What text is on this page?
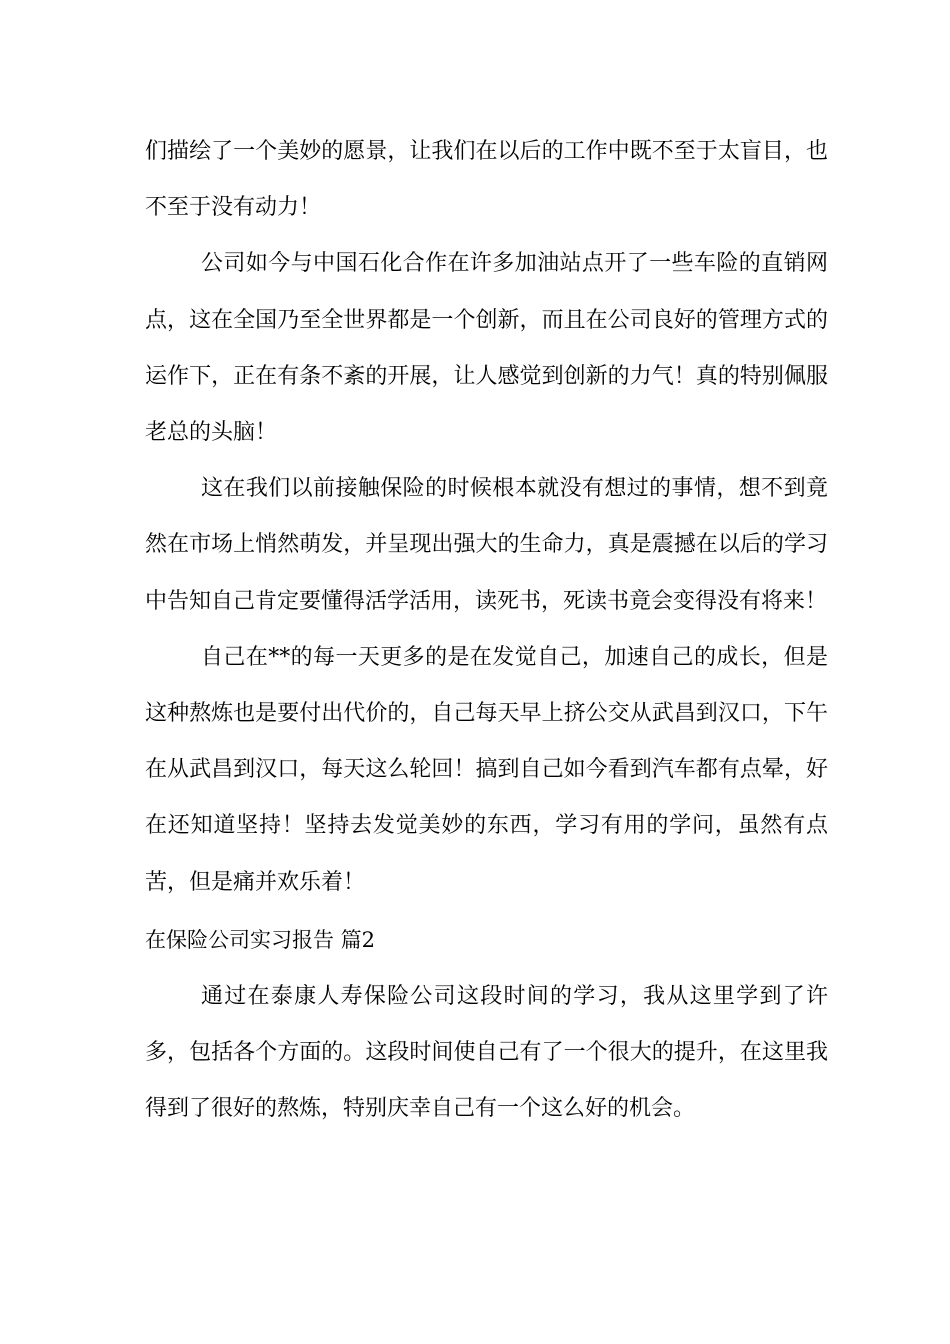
们描绘了一个美妙的愿景，让我们在以后的工作中既不至于太盲目，也不至于没有动力！

公司如今与中国石化合作在许多加油站点开了一些车险的直销网点，这在全国乃至全世界都是一个创新，而且在公司良好的管理方式的运作下，正在有条不紊的开展，让人感觉到创新的力气！真的特别佩服老总的头脑！

这在我们以前接触保险的时候根本就没有想过的事情，想不到竟然在市场上悄然萌发，并呈现出强大的生命力，真是震撼在以后的学习中告知自己肯定要懂得活学活用，读死书，死读书竟会变得没有将来！

自己在**的每一天更多的是在发觉自己，加速自己的成长，但是这种熬炼也是要付出代价的，自己每天早上挤公交从武昌到汉口，下午在从武昌到汉口，每天这么轮回！搞到自己如今看到汽车都有点晕，好在还知道坚持！坚持去发觉美妙的东西，学习有用的学问，虽然有点苦，但是痛并欢乐着！

在保险公司实习报告 篇2

通过在泰康人寿保险公司这段时间的学习，我从这里学到了许多，包括各个方面的。这段时间使自己有了一个很大的提升，在这里我得到了很好的熬炼，特别庆幸自己有一个这么好的机会。
